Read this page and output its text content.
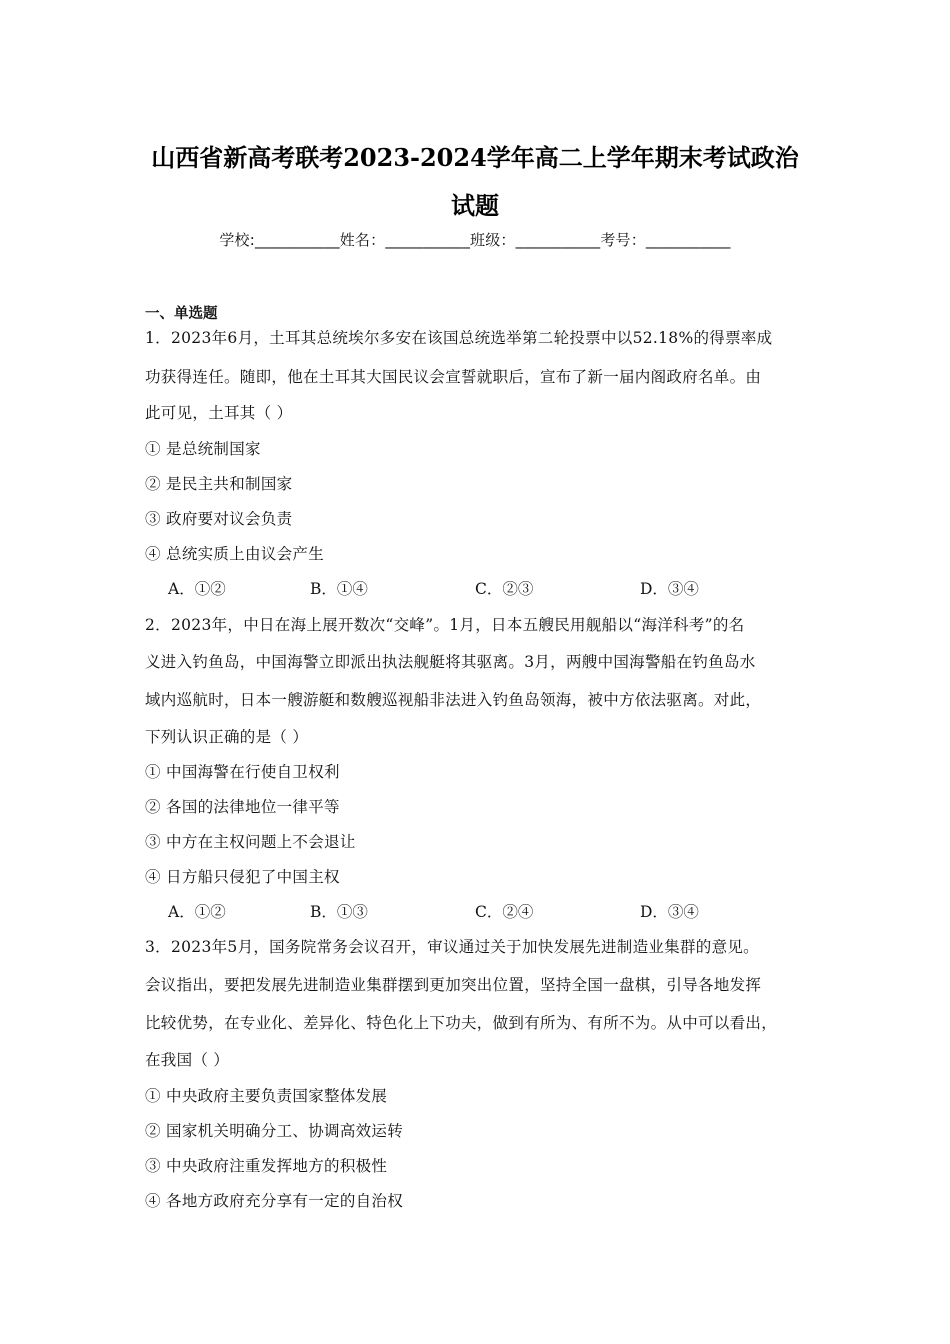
山西省新高考联考2023-2024学年高二上学年期末考试政治
试题
学校:___________姓名：___________班级：___________考号：___________
一、单选题
1．2023年6月，土耳其总统埃尔多安在该国总统选举第二轮投票中以52.18%的得票率成
功获得连任。随即，他在土耳其大国民议会宣誓就职后，宣布了新一届内阁政府名单。由
此可见，土耳其（ ）
① 是总统制国家
② 是民主共和制国家
③ 政府要对议会负责
④ 总统实质上由议会产生
A．①②	B．①④	C．②③	D．③④
2．2023年，中日在海上展开数次“交峰”。1月，日本五艘民用舰船以“海洋科考”的名
义进入钓鱼岛，中国海警立即派出执法舰艇将其驱离。3月，两艘中国海警船在钓鱼岛水
域内巡航时，日本一艘游艇和数艘巡视船非法进入钓鱼岛领海，被中方依法驱离。对此，
下列认识正确的是（ ）
① 中国海警在行使自卫权利
② 各国的法律地位一律平等
③ 中方在主权问题上不会退让
④ 日方船只侵犯了中国主权
A．①②	B．①③	C．②④	D．③④
3．2023年5月，国务院常务会议召开，审议通过关于加快发展先进制造业集群的意见。
会议指出，要把发展先进制造业集群摆到更加突出位置，坚持全国一盘棋，引导各地发挥
比较优势，在专业化、差异化、特色化上下功夫，做到有所为、有所不为。从中可以看出，
在我国（ ）
① 中央政府主要负责国家整体发展
② 国家机关明确分工、协调高效运转
③ 中央政府注重发挥地方的积极性
④ 各地方政府充分享有一定的自治权
